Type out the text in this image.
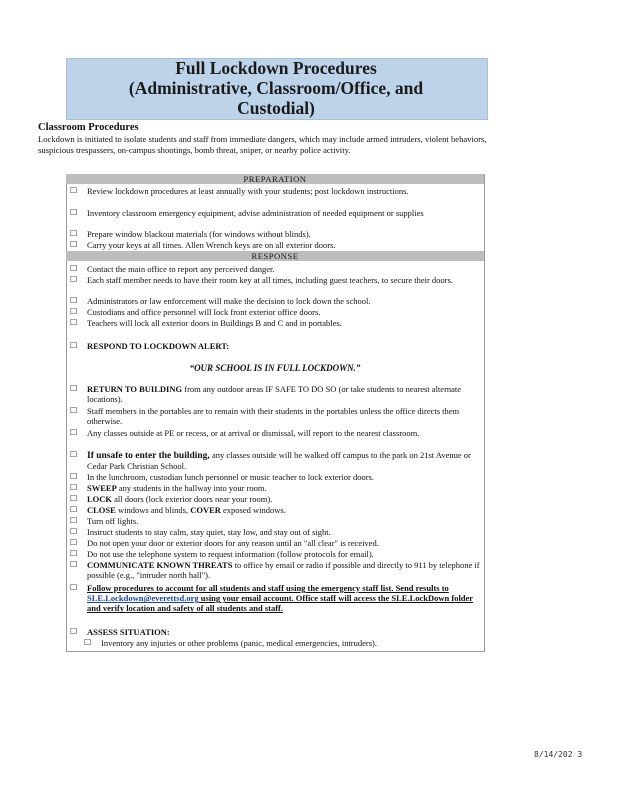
Full Lockdown Procedures
(Administrative, Classroom/Office, and
Custodial)
Classroom Procedures
Lockdown is initiated to isolate students and staff from immediate dangers, which may include armed intruders, violent behaviors, suspicious trespassers, on-campus shootings, bomb threat, sniper, or nearby police activity.
PREPARATION
☐	Review lockdown procedures at least annually with your students; post lockdown instructions.
☐	Inventory classroom emergency equipment, advise administration of needed equipment or supplies
☐	Prepare window blackout materials (for windows without blinds).
☐	Carry your keys at all times. Allen Wrench keys are on all exterior doors.
RESPONSE
☐	Contact the main office to report any perceived danger.
☐	Each staff member needs to have their room key at all times, including guest teachers, to secure their doors.
☐	Administrators or law enforcement will make the decision to lock down the school.
☐	Custodians and office personnel will lock front exterior office doors.
☐	Teachers will lock all exterior doors in Buildings B and C and in portables.
☐	RESPOND TO LOCKDOWN ALERT:
“OUR SCHOOL IS IN FULL LOCKDOWN.”
☐	RETURN TO BUILDING from any outdoor areas IF SAFE TO DO SO (or take students to nearest alternate locations).
☐	Staff members in the portables are to remain with their students in the portables unless the office directs them otherwise.
☐	Any classes outside at PE or recess, or at arrival or dismissal, will report to the nearest classroom.
☐	If unsafe to enter the building, any classes outside will be walked off campus to the park on 21st Avenue or Cedar Park Christian School.
☐	In the lunchroom, custodian lunch personnel or music teacher to lock exterior doors.
☐	SWEEP any students in the hallway into your room.
☐	LOCK all doors (lock exterior doors near your room).
☐	CLOSE windows and blinds, COVER exposed windows.
☐	Turn off lights.
☐	Instruct students to stay calm, stay quiet, stay low, and stay out of sight.
☐	Do not open your door or exterior doors for any reason until an "all clear" is received.
☐	Do not use the telephone system to request information (follow protocols for email).
☐	COMMUNICATE KNOWN THREATS to office by email or radio if possible and directly to 911 by telephone if possible (e.g., "intruder north hall").
☐	Follow procedures to account for all students and staff using the emergency staff list. Send results to SLE.Lockdown@everettsd.org using your email account. Office staff will access the SLE.LockDown folder and verify location and safety of all students and staff.
☐	ASSESS SITUATION:
☐	Inventory any injuries or other problems (panic, medical emergencies, intruders).
8/14/202 3
